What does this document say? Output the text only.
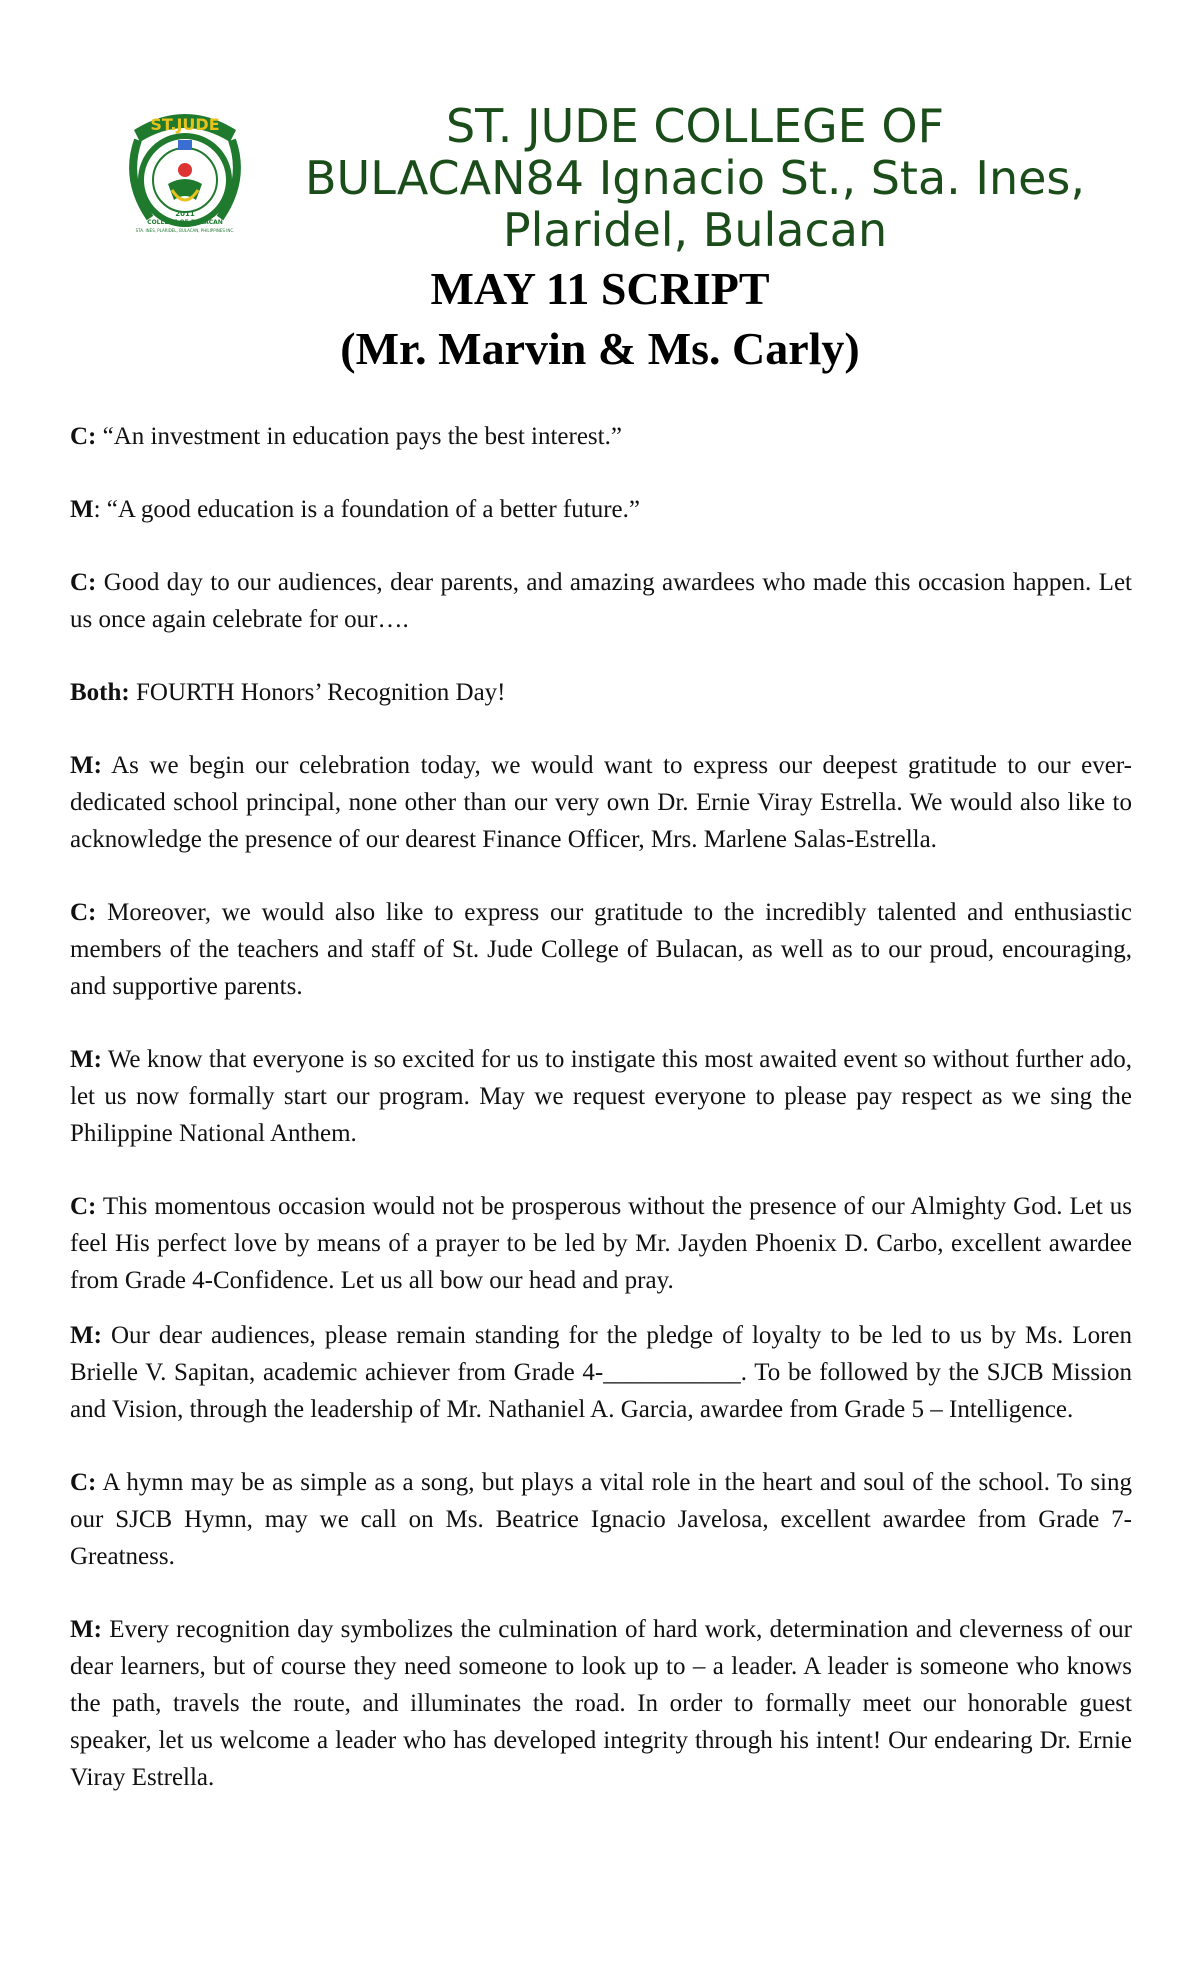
ST.JUDE
2011
COLLEGE OF BULACAN
STA. INES, PLARIDEL, BULACAN, PHILIPPINES INC.
ST. JUDE COLLEGE OF
BULACAN84 Ignacio St., Sta. Ines,
Plaridel, Bulacan
MAY 11 SCRIPT
(Mr. Marvin & Ms. Carly)

C: “An investment in education pays the best interest.”

M: “A good education is a foundation of a better future.”

C: Good day to our audiences, dear parents, and amazing awardees who made this occasion happen. Let us once again celebrate for our….

Both: FOURTH Honors’ Recognition Day!

M: As we begin our celebration today, we would want to express our deepest gratitude to our ever-dedicated school principal, none other than our very own Dr. Ernie Viray Estrella. We would also like to acknowledge the presence of our dearest Finance Officer, Mrs. Marlene Salas-Estrella.

C: Moreover, we would also like to express our gratitude to the incredibly talented and enthusiastic members of the teachers and staff of St. Jude College of Bulacan, as well as to our proud, encouraging, and supportive parents.

M: We know that everyone is so excited for us to instigate this most awaited event so without further ado, let us now formally start our program. May we request everyone to please pay respect as we sing the Philippine National Anthem.

C: This momentous occasion would not be prosperous without the presence of our Almighty God. Let us feel His perfect love by means of a prayer to be led by Mr. Jayden Phoenix D. Carbo, excellent awardee from Grade 4-Confidence. Let us all bow our head and pray.

M: Our dear audiences, please remain standing for the pledge of loyalty to be led to us by Ms. Loren Brielle V. Sapitan, academic achiever from Grade 4-___________. To be followed by the SJCB Mission and Vision, through the leadership of Mr. Nathaniel A. Garcia, awardee from Grade 5 – Intelligence.

C: A hymn may be as simple as a song, but plays a vital role in the heart and soul of the school. To sing our SJCB Hymn, may we call on Ms. Beatrice Ignacio Javelosa, excellent awardee from Grade 7-Greatness.

M: Every recognition day symbolizes the culmination of hard work, determination and cleverness of our dear learners, but of course they need someone to look up to – a leader. A leader is someone who knows the path, travels the route, and illuminates the road. In order to formally meet our honorable guest speaker, let us welcome a leader who has developed integrity through his intent! Our endearing Dr. Ernie Viray Estrella.
